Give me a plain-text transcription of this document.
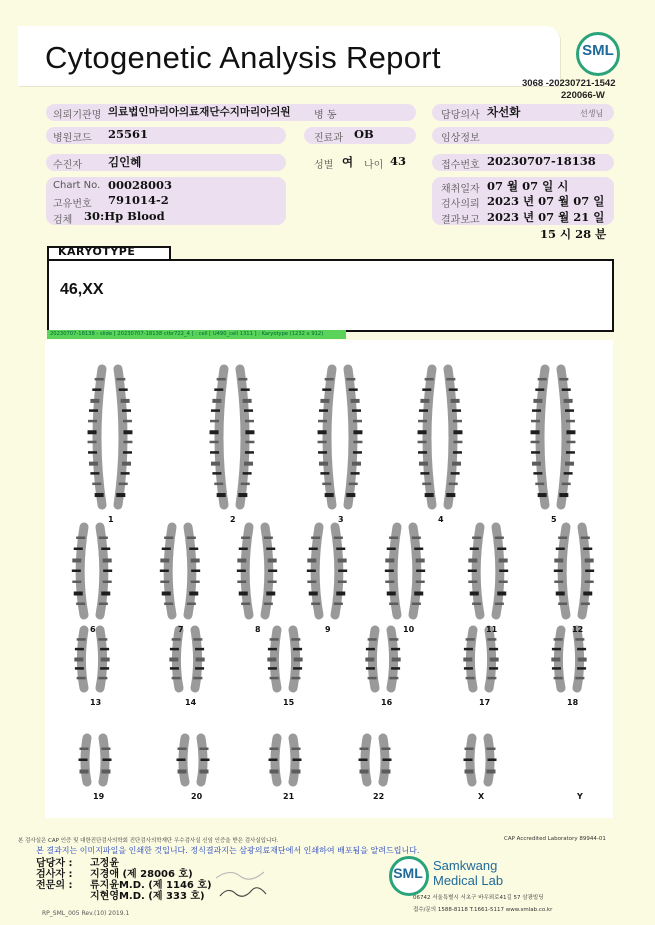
Cytogenetic Analysis Report	SML
3068 -20230721-1542
220066-W
의뢰기관명 의료법인마리아의료재단수지마리아의원 병 동	담당의사 차선화	선생님
병원코드 25561	진료과 OB	임상정보
수진자 김인혜	성별 여 나이 43	접수번호 20230707-18138
Chart No. 00028003
고유번호 791014-2
검체 30:Hp Blood
채취일자 07 월 07 일 시
검사의뢰 2023 년 07 월 07 일
결과보고 2023 년 07 월 21 일
15 시 28 분
KARYOTYPE
46,XX
20230707-18138 - slide [ 20230707-18138 ctbr722_4 ] : cell [ U490_cell 1311 ] : Karyotype (1232 x 912)
1	2	3	4	5
6	7	8	9	10	11	12
13	14	15	16	17	18
19	20	21	22	X	Y
본 검사실은 CAP 인증 및 대한진단검사의학회 진단검사의학재단 우수검사실 신임 인증을 받은 검사실입니다.	CAP Accredited Laboratory 89944-01
본 결과지는 이미지파일을 인쇄한 것입니다. 정식결과지는 삼광의료재단에서 인쇄하여 배포됨을 알려드립니다.
담당자 : 고정윤
검사자 : 지경애 (제 28006 호)
전문의 : 류지윤M.D. (제 1146 호)
지현영M.D. (제 333 호)
SML Samkwang
Medical Lab
06742 서울특별시 서초구 바우뫼로41길 57 삼광빌딩
접수/문의 1588-8118 T.1661-5117 www.smlab.co.kr
RP_SML_005 Rev.(10) 2019.1
